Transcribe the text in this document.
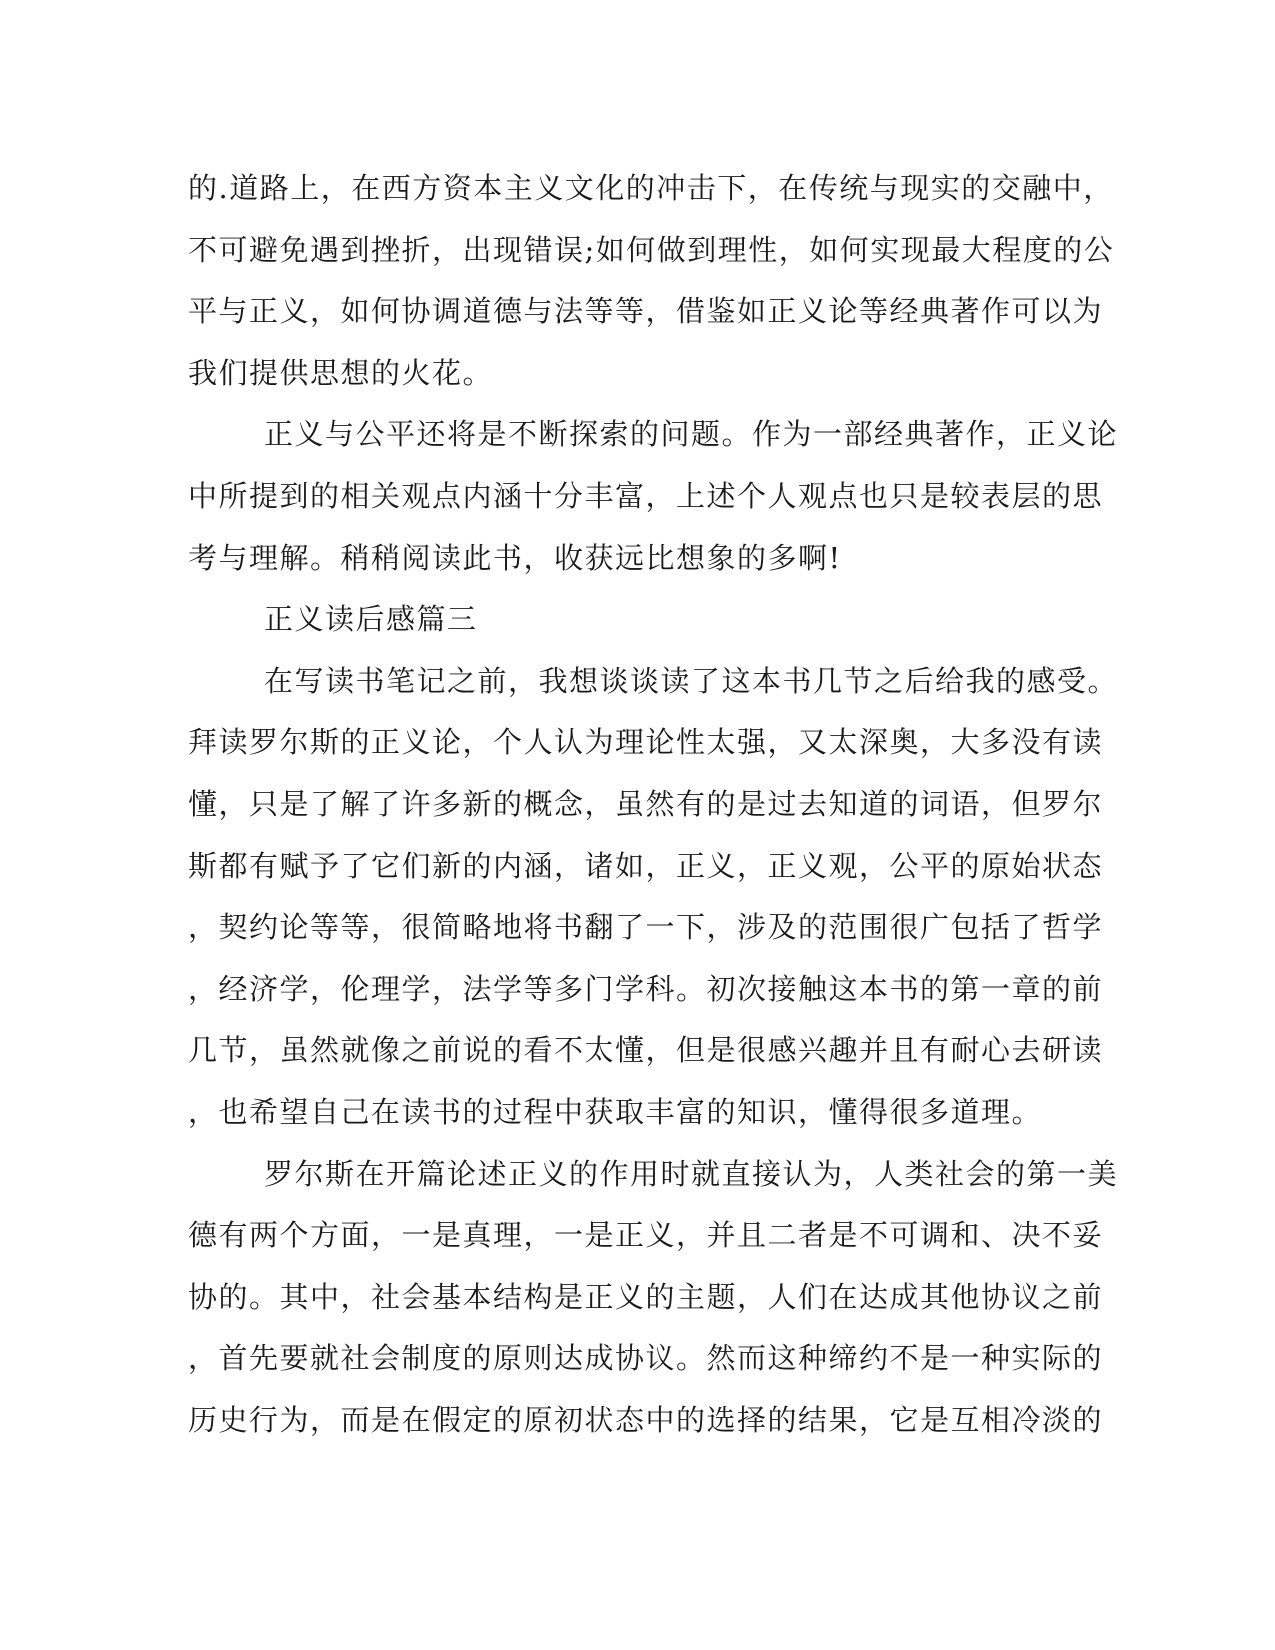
的.道路上，在西方资本主义文化的冲击下，在传统与现实的交融中，
不可避免遇到挫折，出现错误;如何做到理性，如何实现最大程度的公
平与正义，如何协调道德与法等等，借鉴如正义论等经典著作可以为
我们提供思想的火花。
正义与公平还将是不断探索的问题。作为一部经典著作，正义论
中所提到的相关观点内涵十分丰富，上述个人观点也只是较表层的思
考与理解。稍稍阅读此书，收获远比想象的多啊!
正义读后感篇三
在写读书笔记之前，我想谈谈读了这本书几节之后给我的感受。
拜读罗尔斯的正义论，个人认为理论性太强，又太深奥，大多没有读
懂，只是了解了许多新的概念，虽然有的是过去知道的词语，但罗尔
斯都有赋予了它们新的内涵，诸如，正义，正义观，公平的原始状态
，契约论等等，很简略地将书翻了一下，涉及的范围很广包括了哲学
，经济学，伦理学，法学等多门学科。初次接触这本书的第一章的前
几节，虽然就像之前说的看不太懂，但是很感兴趣并且有耐心去研读
，也希望自己在读书的过程中获取丰富的知识，懂得很多道理。
罗尔斯在开篇论述正义的作用时就直接认为，人类社会的第一美
德有两个方面，一是真理，一是正义，并且二者是不可调和、决不妥
协的。其中，社会基本结构是正义的主题，人们在达成其他协议之前
，首先要就社会制度的原则达成协议。然而这种缔约不是一种实际的
历史行为，而是在假定的原初状态中的选择的结果，它是互相冷淡的
